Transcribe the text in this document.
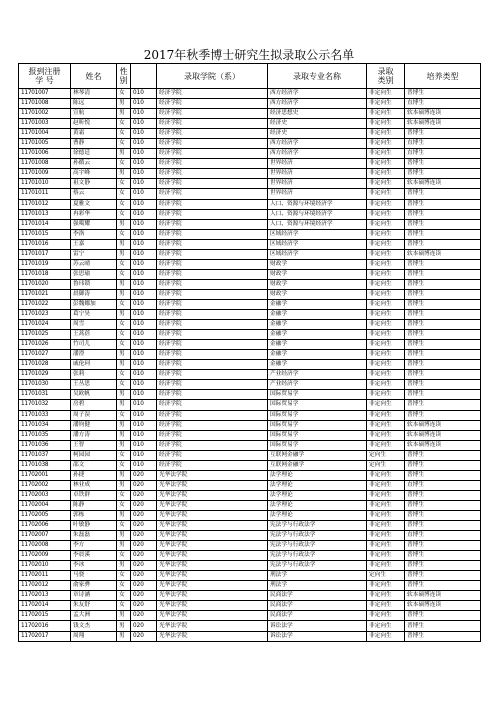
2017年秋季博士研究生拟录取公示名单
报到注册
学 号	姓名	性
别		录取学院（系）	录取专业名称	录取
类别	培养类型
11701007	林琴清	女	010	经济学院	西方经济学	非定向生	普博生
11701008	陈远	男	010	经济学院	西方经济学	非定向生	直博生
11701002	宣航	男	010	经济学院	经济思想史	非定向生	软本硕博连读
11701003	赵昕悦	女	010	经济学院	经济史	非定向生	软本硕博连读
11701004	黄霜	女	010	经济学院	经济史	非定向生	普博生
11701005	曹静	女	010	经济学院	西方经济学	非定向生	直博生
11701006	徐德廷	男	010	经济学院	西方经济学	非定向生	直博生
11701008	孙循云	女	010	经济学院	世界经济	非定向生	普博生
11701009	高宇峰	男	010	经济学院	世界经济	非定向生	普博生
11701010	祖文静	女	010	经济学院	世界经济	非定向生	软本硕博连读
11701011	蔡云	女	010	经济学院	世界经济	非定向生	普博生
11701012	夏雅文	女	010	经济学院	人口、资源与环境经济学	非定向生	普博生
11701013	冉彩华	女	010	经济学院	人口、资源与环境经济学	非定向生	普博生
11701014	强噶耀	男	010	经济学院	人口、资源与环境经济学	非定向生	普博生
11701015	李洛	女	010	经济学院	区域经济学	非定向生	普博生
11701016	王嘉	男	010	经济学院	区域经济学	非定向生	普博生
11701017	雷宁	男	010	经济学院	区域经济学	非定向生	软本硕博连读
11701019	苏云晴	女	010	经济学院	财政学	非定向生	普博生
11701018	张思瑜	女	010	经济学院	财政学	非定向生	普博生
11701020	鲁玮锁	男	010	经济学院	财政学	非定向生	普博生
11701021	晨御涛	男	010	经济学院	财政学	非定向生	普博生
11701022	彭魏娜加	女	010	经济学院	金融学	非定向生	普博生
11701023	葛宁昊	男	010	经济学院	金融学	非定向生	普博生
11701024	周雪	女	010	经济学院	金融学	非定向生	普博生
11701025	王蒿蓓	女	010	经济学院	金融学	非定向生	普博生
11701026	竹司儿	女	010	经济学院	金融学	非定向生	普博生
11701027	潘澄	男	010	经济学院	金融学	非定向生	普博生
11701028	戚伦珂	男	010	经济学院	金融学	非定向生	普博生
11701029	张莉	女	010	经济学院	产业经济学	非定向生	普博生
11701030	王丛思	女	010	经济学院	产业经济学	非定向生	普博生
11701031	吴欧帆	男	010	经济学院	国际贸易学	非定向生	普博生
11701032	房碧	男	010	经济学院	国际贸易学	非定向生	普博生
11701033	周子淏	女	010	经济学院	国际贸易学	非定向生	普博生
11701034	潘钧健	男	010	经济学院	国际贸易学	非定向生	软本硕博连读
11701035	潘方涛	男	010	经济学院	国际贸易学	非定向生	软本硕博连读
11701036	王智	男	010	经济学院	国际贸易学	非定向生	软本硕博连读
11701037	柯园园	女	010	经济学院	互联网金融学	定向生	普博生
11701038	邵文	女	010	经济学院	互联网金融学	定向生	普博生
11702001	孙捷	男	020	光华法学院	法学理论	非定向生	普博生
11702002	林业成	男	020	光华法学院	法学理论	非定向生	直博生
11702003	卓铁群	女	020	光华法学院	法学理论	非定向生	普博生
11702004	陈静	女	020	光华法学院	法学理论	非定向生	普博生
11702005	郭栋	男	020	光华法学院	法学理论	非定向生	普博生
11702006	叶敏静	女	020	光华法学院	宪法学与行政法学	非定向生	普博生
11702007	朱磊磊	男	020	光华法学院	宪法学与行政法学	非定向生	直博生
11702008	李方	男	020	光华法学院	宪法学与行政法学	非定向生	普博生
11702009	李晨溪	女	020	光华法学院	宪法学与行政法学	非定向生	普博生
11702010	李冰	男	020	光华法学院	宪法学与行政法学	非定向生	普博生
11702011	马骁	女	020	光华法学院	刑法学	定向生	普博生
11702012	俞家骅	女	020	光华法学院	刑法学	非定向生	普博生
11702013	章诗涵	女	020	光华法学院	民商法学	非定向生	软本硕博连读
11702014	朱友舒	女	020	光华法学院	民商法学	非定向生	软本硕博连读
11702015	孟大洲	男	020	光华法学院	民商法学	非定向生	普博生
11702016	钱文杰	男	020	光华法学院	诉讼法学	非定向生	普博生
11702017	周翔	男	020	光华法学院	诉讼法学	非定向生	普博生
